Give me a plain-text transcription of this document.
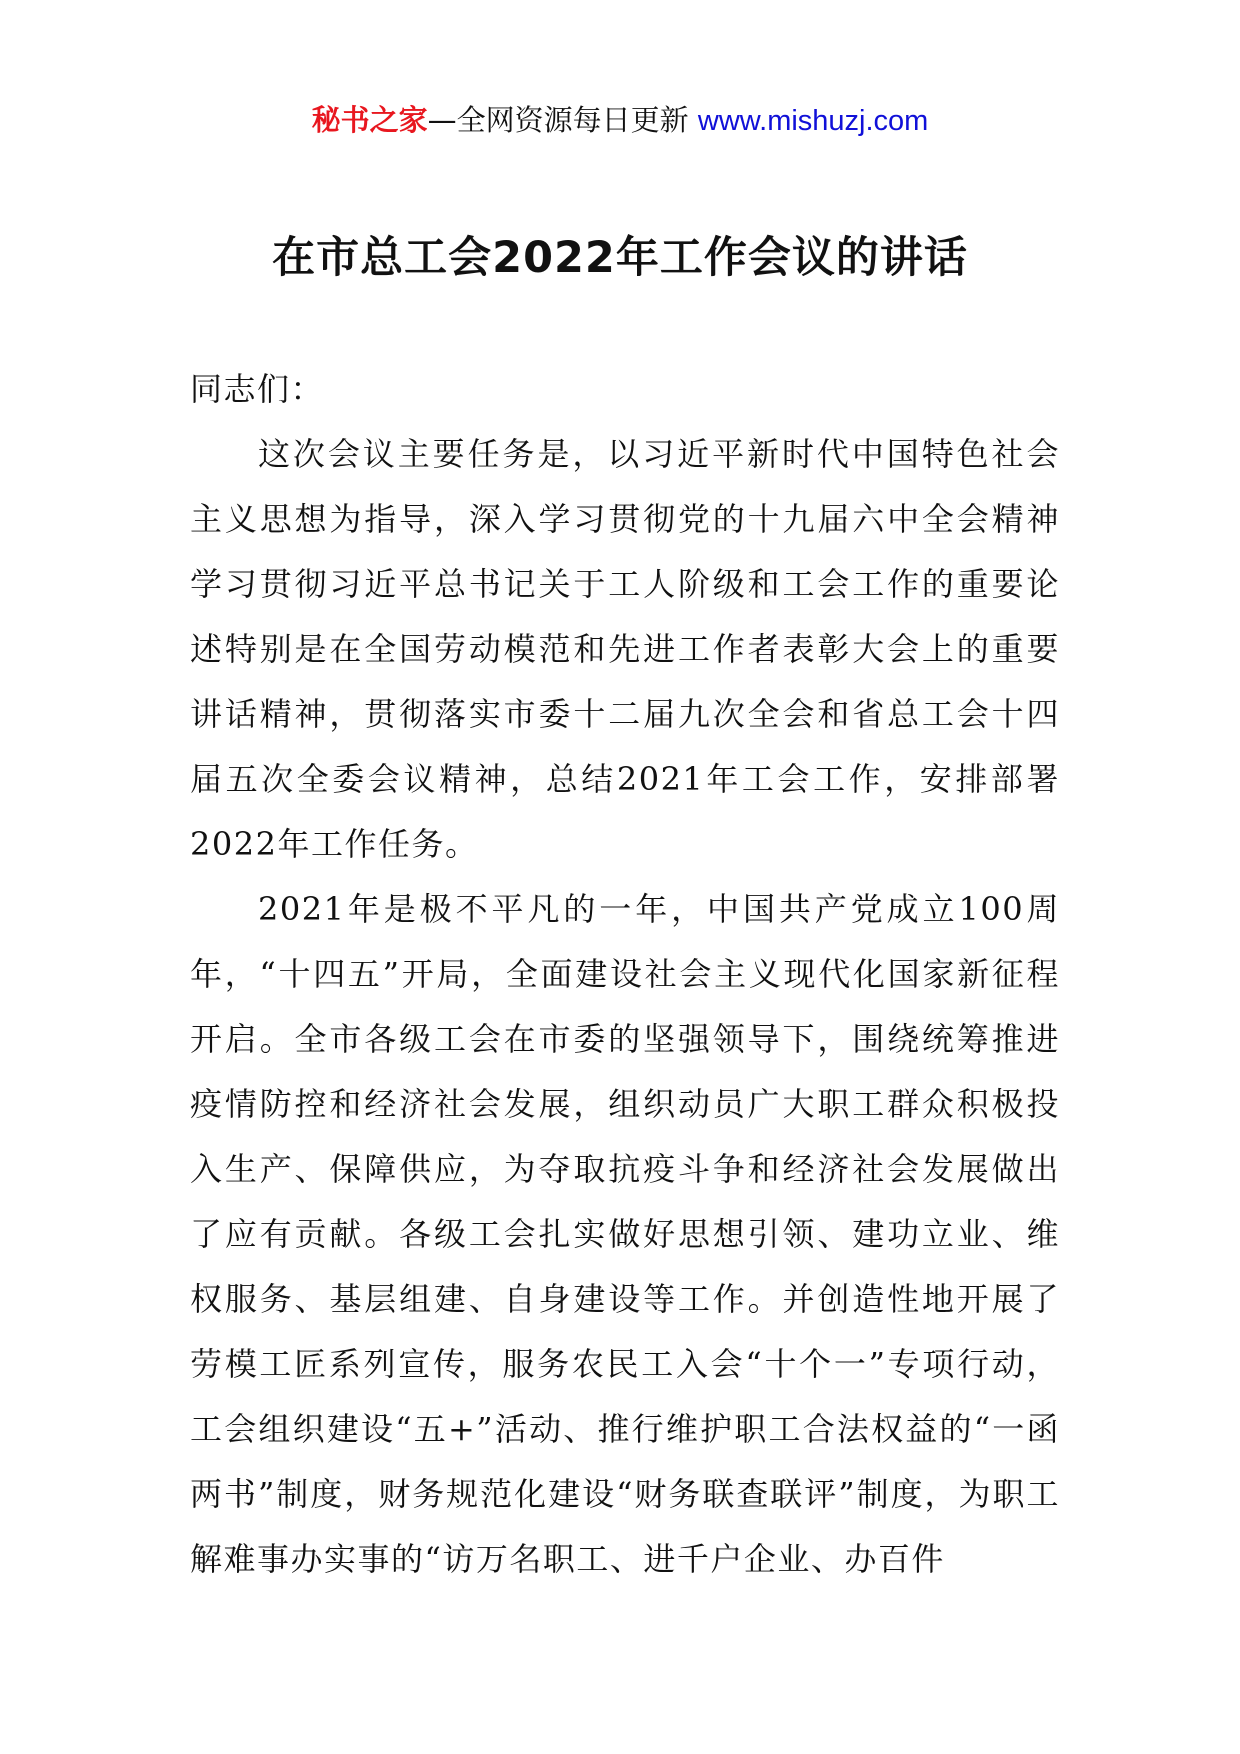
秘书之家—全网资源每日更新 www.mishuzj.com
在市总工会2022年工作会议的讲话

同志们：

这次会议主要任务是，以习近平新时代中国特色社会主义思想为指导，深入学习贯彻党的十九届六中全会精神学习贯彻习近平总书记关于工人阶级和工会工作的重要论述特别是在全国劳动模范和先进工作者表彰大会上的重要讲话精神，贯彻落实市委十二届九次全会和省总工会十四届五次全委会议精神，总结2021年工会工作，安排部署2022年工作任务。

2021年是极不平凡的一年，中国共产党成立100周年，“十四五”开局，全面建设社会主义现代化国家新征程开启。全市各级工会在市委的坚强领导下，围绕统筹推进疫情防控和经济社会发展，组织动员广大职工群众积极投入生产、保障供应，为夺取抗疫斗争和经济社会发展做出了应有贡献。各级工会扎实做好思想引领、建功立业、维权服务、基层组建、自身建设等工作。并创造性地开展了劳模工匠系列宣传，服务农民工入会“十个一”专项行动，工会组织建设“五+”活动、推行维护职工合法权益的“一函两书”制度，财务规范化建设“财务联查联评”制度，为职工解难事办实事的“访万名职工、进千户企业、办百件
